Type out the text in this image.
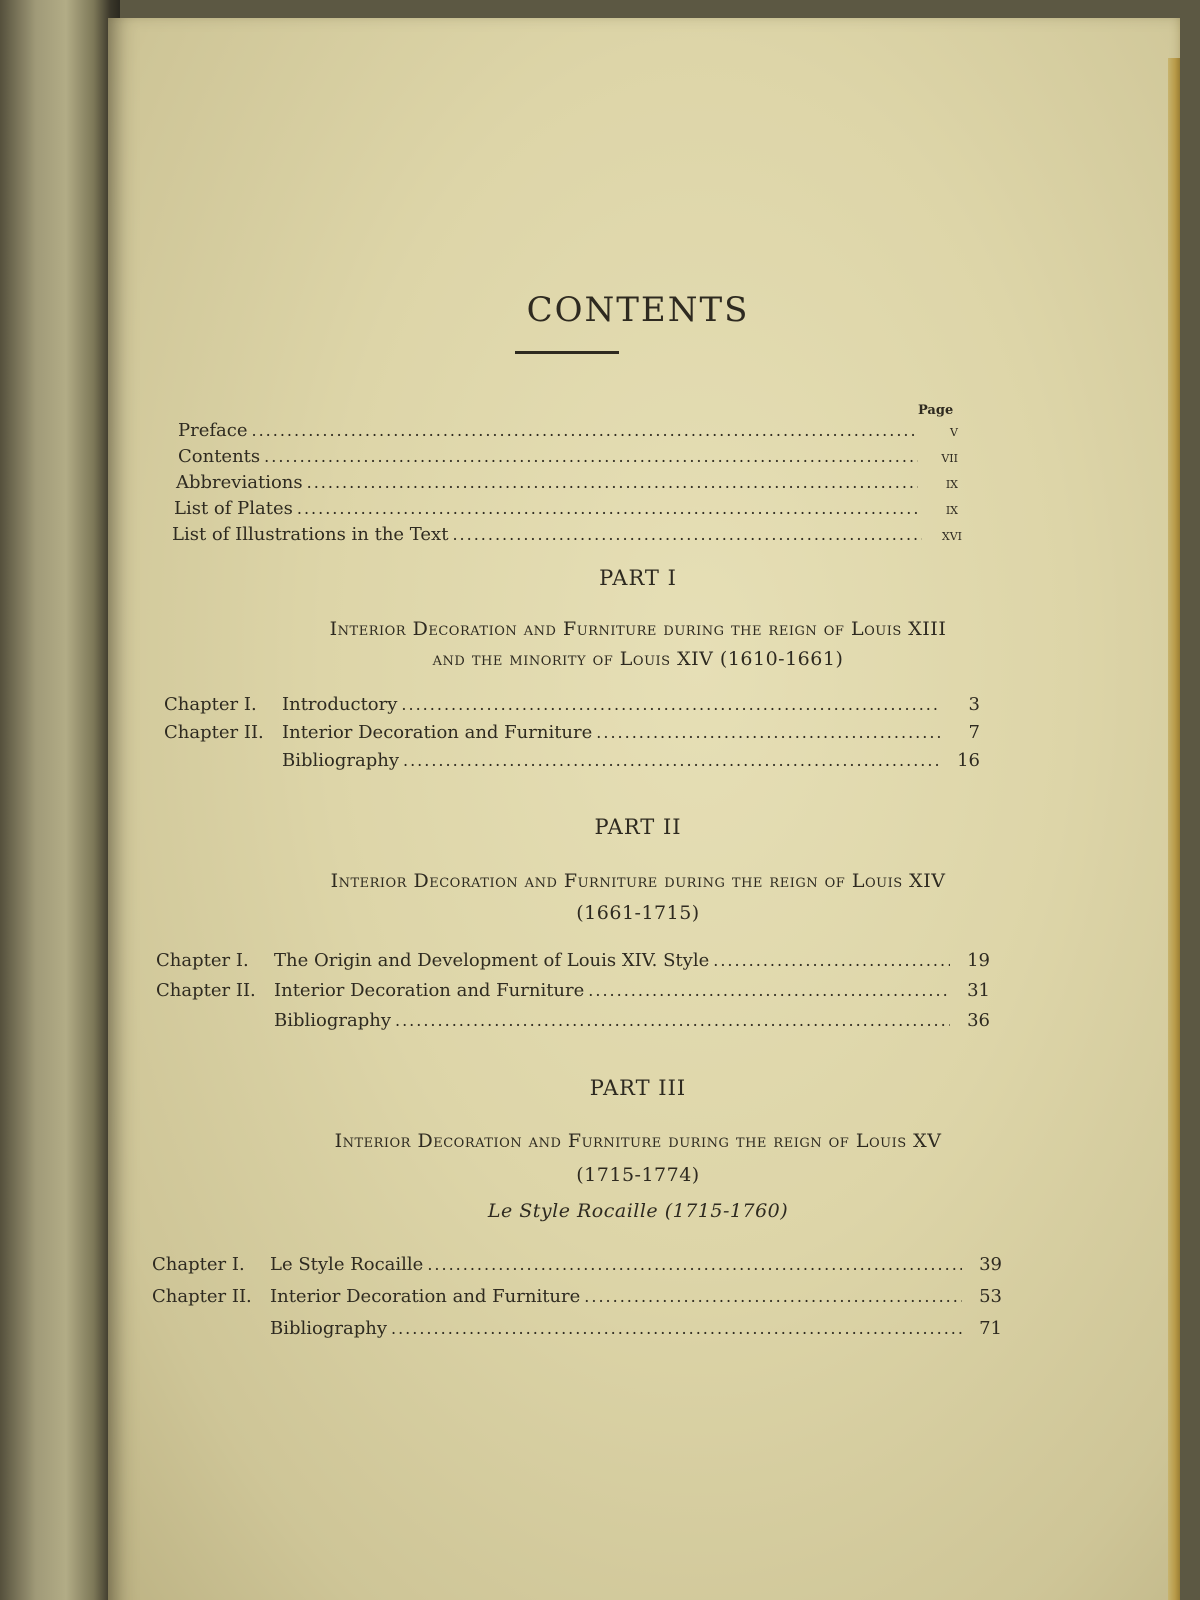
CONTENTS
Page
Preface .....	v
Contents .....	vii
Abbreviations .....	ix
List of Plates .....	ix
List of Illustrations in the Text .....	xvi
PART I
Interior Decoration and Furniture during the reign of Louis XIII
and the minority of Louis XIV (1610-1661)
Chapter I.	Introductory .....	3
Chapter II.	Interior Decoration and Furniture .....	7
Bibliography .....	16
PART II
Interior Decoration and Furniture during the reign of Louis XIV
(1661-1715)
Chapter I.	The Origin and Development of Louis XIV. Style .....	19
Chapter II.	Interior Decoration and Furniture .....	31
Bibliography .....	36
PART III
Interior Decoration and Furniture during the reign of Louis XV
(1715-1774)
Le Style Rocaille (1715-1760)
Chapter I.	Le Style Rocaille .....	39
Chapter II.	Interior Decoration and Furniture .....	53
Bibliography .....	71
